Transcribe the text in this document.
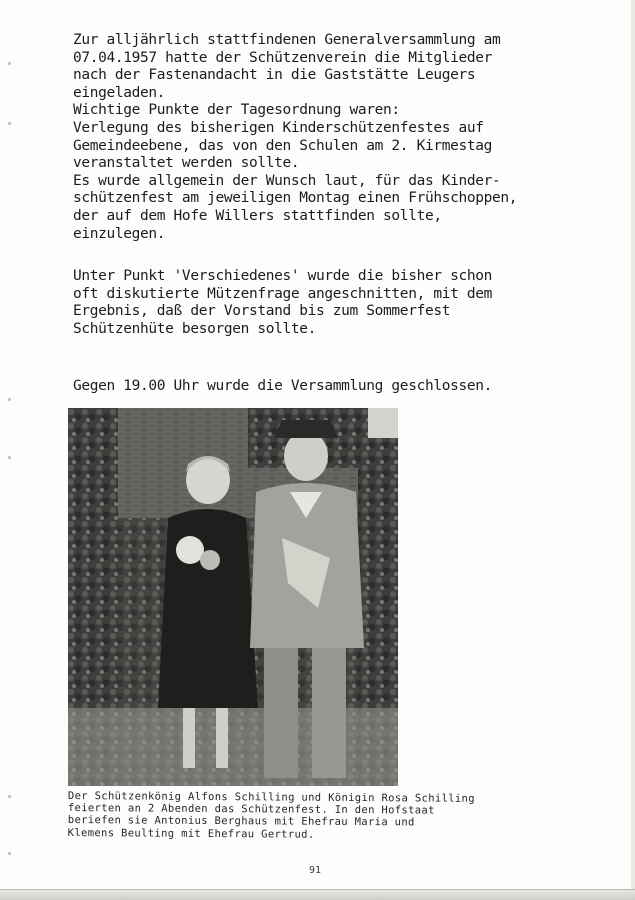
Zur alljährlich stattfindenen Generalversammlung am
07.04.1957 hatte der Schützenverein die Mitglieder
nach der Fastenandacht in die Gaststätte Leugers
eingeladen.
Wichtige Punkte der Tagesordnung waren:
Verlegung des bisherigen Kinderschützenfestes auf
Gemeindeebene, das von den Schulen am 2. Kirmestag
veranstaltet werden sollte.
Es wurde allgemein der Wunsch laut, für das Kinder-
schützenfest am jeweiligen Montag einen Frühschoppen,
der auf dem Hofe Willers stattfinden sollte,
einzulegen.
Unter Punkt 'Verschiedenes' wurde die bisher schon
oft diskutierte Mützenfrage angeschnitten, mit dem
Ergebnis, daß der Vorstand bis zum Sommerfest
Schützenhüte besorgen sollte.
Gegen 19.00 Uhr wurde die Versammlung geschlossen.
Der Schützenkönig Alfons Schilling und Königin Rosa Schilling
feierten an 2 Abenden das Schützenfest. In den Hofstaat
beriefen sie Antonius Berghaus mit Ehefrau Maria und
Klemens Beulting mit Ehefrau Gertrud.
91
